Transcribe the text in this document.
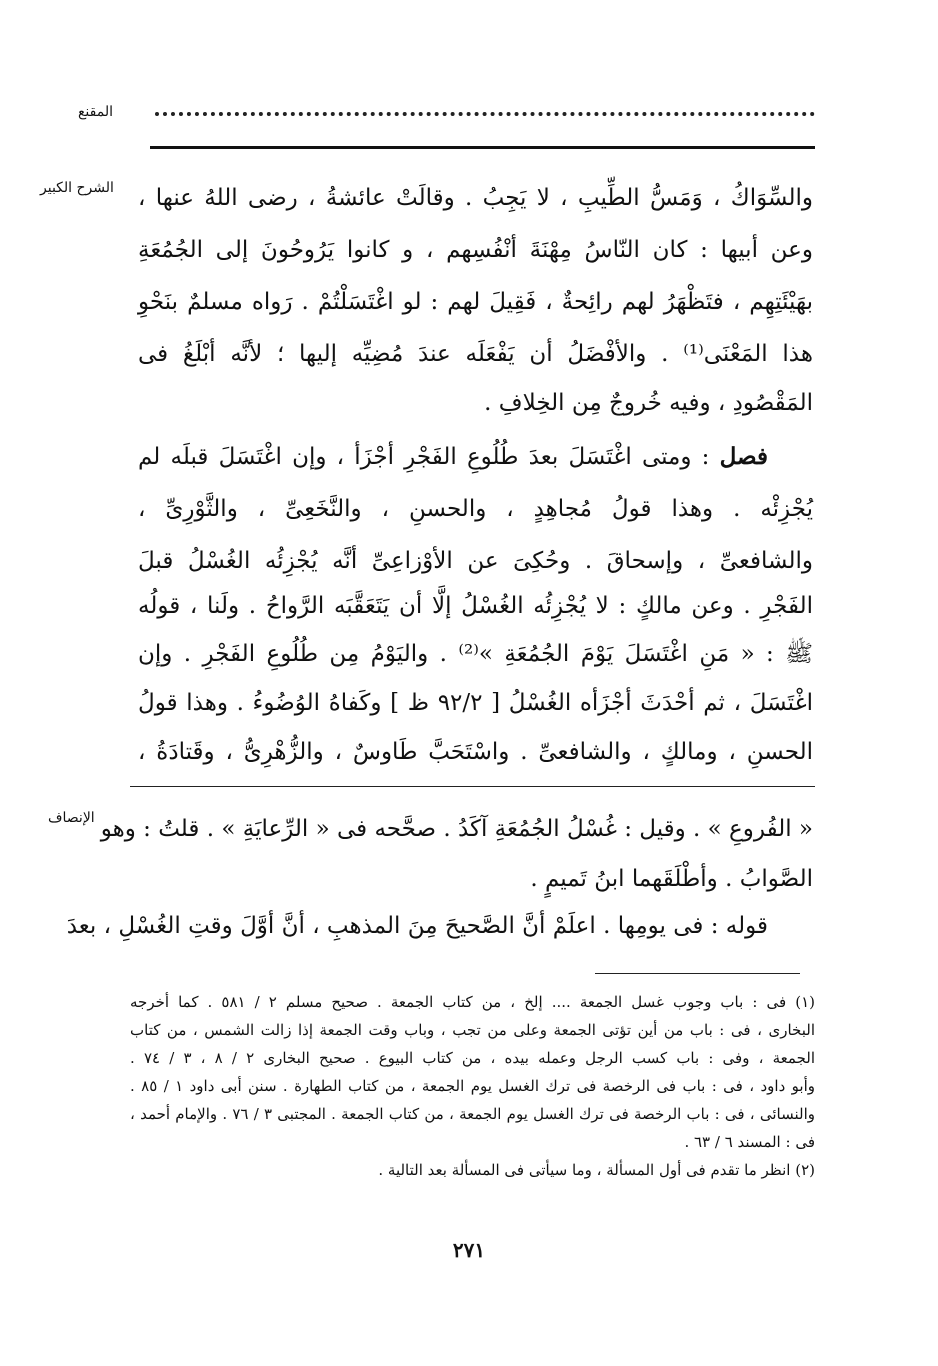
المقنع
الشرح الكبير
الإنصاف
والسِّوَاكُ ، وَمَسُّ الطِّيبِ ، لا يَجِبُ . وقالَتْ عائشةُ ، رضى اللهُ عنها ،
وعن أبيها : كان النّاسُ مِهْنَةَ أنْفُسِهم ، و كانوا يَرُوحُونَ إلى الجُمُعَةِ
بهَيْئَتِهِم ، فتَظْهَرُ لهم رائِحةٌ ، فَقِيلَ لهم : لو اغْتَسَلْتُمْ . رَواه مسلمٌ بنَحْوِ
هذا المَعْنَى⁽¹⁾ . والأفْضَلُ أن يَفْعَلَه عندَ مُضِيِّه إليها ؛ لأنَّه أبْلَغُ فى
المَقْصُودِ ، وفيه خُروجٌ مِن الخِلافِ .
فصل : ومتى اغْتَسَلَ بعدَ طُلُوعِ الفَجْرِ أجْزَأ ، وإن اغْتَسَلَ قبلَه لم
يُجْزِئْه . وهذا قولُ مُجاهِدٍ ، والحسنِ ، والنَّخَعِىِّ ، والثَّوْرِىِّ ،
والشافعىِّ ، وإسحاقَ . وحُكِىَ عن الأوْزاعِىِّ أنَّه يُجْزِئُه الغُسْلُ قبلَ
الفَجْرِ . وعن مالكٍ : لا يُجْزِئُه الغُسْلُ إلَّا أن يَتَعَقَّبَه الرَّواحُ . ولَنا ، قولُه
ﷺ : « مَنِ اغْتَسَلَ يَوْمَ الجُمُعَةِ »⁽²⁾ . واليَوْمُ مِن طُلُوعِ الفَجْرِ . وإن
اغْتَسَلَ ، ثم أحْدَثَ أجْزَأه الغُسْلُ [ ٩٢/٢ ظ ] وكَفاهُ الوُضُوءُ . وهذا قولُ
الحسنِ ، ومالكٍ ، والشافعىِّ . واسْتَحَبَّ طَاوسٌ ، والزُّهْرِىُّ ، وقَتادَةُ ،
« الفُروعِ » . وقيل : غُسْلُ الجُمُعَةِ آكَدُ . صحَّحه فى « الرِّعايَةِ » . قلتُ : وهو
الصَّوابُ . وأطْلَقَهما ابنُ تَميمٍ .
قوله : فى يومِها . اعلَمْ أنَّ الصَّحيحَ مِنَ المذهبِ ، أنَّ أوَّلَ وقتِ الغُسْلِ ، بعدَ
(١) فى : باب وجوب غسل الجمعة .... إلخ ، من كتاب الجمعة . صحيح مسلم ٢ / ٥٨١ . كما أخرجه
البخارى ، فى : باب من أين تؤتى الجمعة وعلى من تجب ، وباب وقت الجمعة إذا زالت الشمس ، من كتاب
الجمعة ، وفى : باب كسب الرجل وعمله بيده ، من كتاب البيوع . صحيح البخارى ٢ / ٨ ، ٣ / ٧٤ .
وأبو داود ، فى : باب فى الرخصة فى ترك الغسل يوم الجمعة ، من كتاب الطهارة . سنن أبى داود ١ / ٨٥ .
والنسائى ، فى : باب الرخصة فى ترك الغسل يوم الجمعة ، من كتاب الجمعة . المجتبى ٣ / ٧٦ . والإمام أحمد ،
فى : المسند ٦ / ٦٣ .
(٢) انظر ما تقدم فى أول المسألة ، وما سيأتى فى المسألة بعد التالية .
٢٧١
